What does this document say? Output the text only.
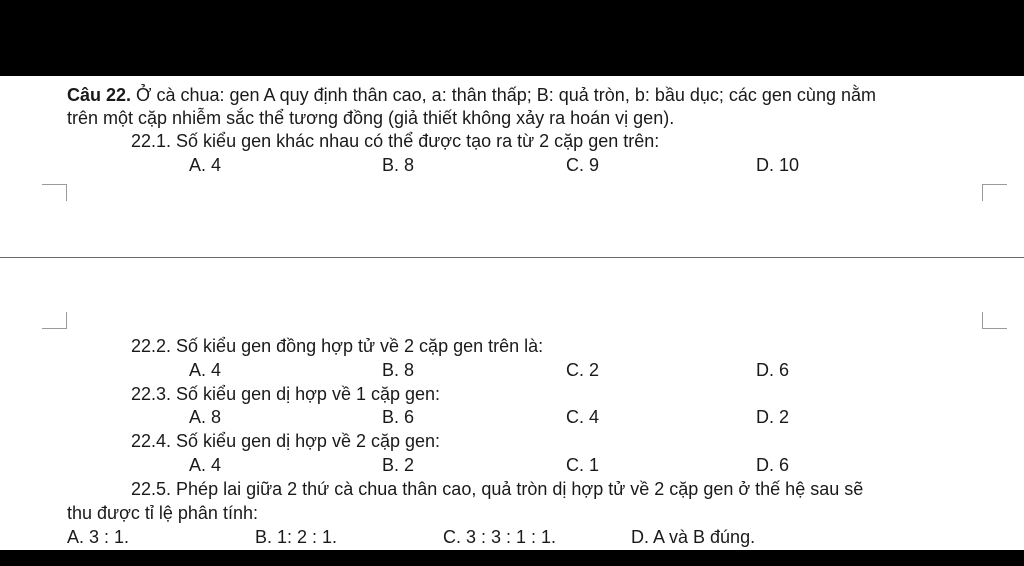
Câu 22. Ở cà chua: gen A quy định thân cao, a: thân thấp; B: quả tròn, b: bầu dục; các gen cùng nằm
trên một cặp nhiễm sắc thể tương đồng (giả thiết không xảy ra hoán vị gen).
22.1. Số kiểu gen khác nhau có thể được tạo ra từ 2 cặp gen trên:
A. 4	B. 8	C. 9	D. 10
22.2. Số kiểu gen đồng hợp tử về 2 cặp gen trên là:
A. 4	B. 8	C. 2	D. 6
22.3. Số kiểu gen dị hợp về 1 cặp gen:
A. 8	B. 6	C. 4	D. 2
22.4. Số kiểu gen dị hợp về 2 cặp gen:
A. 4	B. 2	C. 1	D. 6
22.5. Phép lai giữa 2 thứ cà chua thân cao, quả tròn dị hợp tử về 2 cặp gen ở thế hệ sau sẽ
thu được tỉ lệ phân tính:
A. 3 : 1.	B. 1: 2 : 1.	C. 3 : 3 : 1 : 1.	D. A và B đúng.
